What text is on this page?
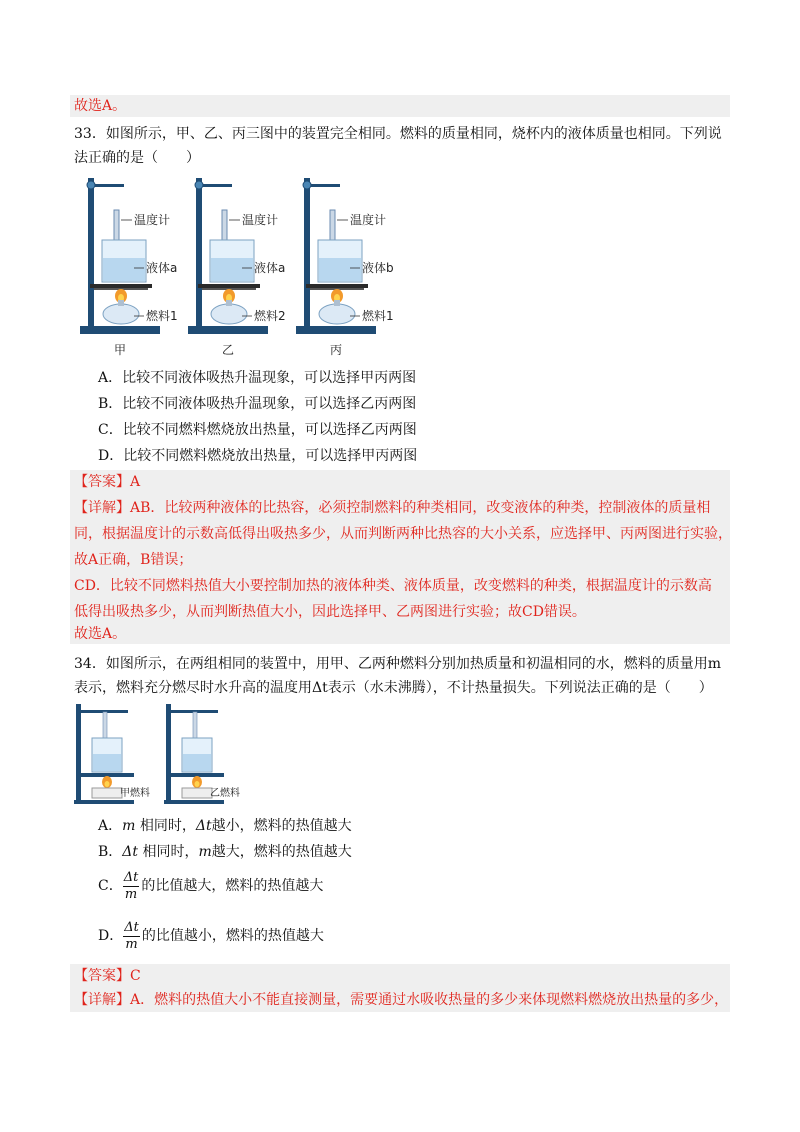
故选A。
33．如图所示，甲、乙、丙三图中的装置完全相同。燃料的质量相同，烧杯内的液体质量也相同。下列说
法正确的是（　　）
温度计
液体a
燃料1
甲
温度计
液体a
燃料2
乙
温度计
液体b
燃料1
丙
A．比较不同液体吸热升温现象，可以选择甲丙两图
B．比较不同液体吸热升温现象，可以选择乙丙两图
C．比较不同燃料燃烧放出热量，可以选择乙丙两图
D．比较不同燃料燃烧放出热量，可以选择甲丙两图
【答案】A
【详解】AB．比较两种液体的比热容，必须控制燃料的种类相同，改变液体的种类，控制液体的质量相
同，根据温度计的示数高低得出吸热多少，从而判断两种比热容的大小关系，应选择甲、丙两图进行实验，
故A正确，B错误；
CD．比较不同燃料热值大小要控制加热的液体种类、液体质量，改变燃料的种类，根据温度计的示数高
低得出吸热多少，从而判断热值大小，因此选择甲、乙两图进行实验；故CD错误。
故选A。
34．如图所示，在两组相同的装置中，用甲、乙两种燃料分别加热质量和初温相同的水，燃料的质量用m
表示，燃料充分燃尽时水升高的温度用Δt表示（水未沸腾），不计热量损失。下列说法正确的是（　　）
甲燃料	乙燃料
A．m 相同时，Δt越小，燃料的热值越大
B．Δt 相同时，m越大，燃料的热值越大
C． $\frac{\Delta t}{m}$ 的比值越大，燃料的热值越大
D． $\frac{\Delta t}{m}$ 的比值越小，燃料的热值越大
【答案】C
【详解】A．燃料的热值大小不能直接测量，需要通过水吸收热量的多少来体现燃料燃烧放出热量的多少，
